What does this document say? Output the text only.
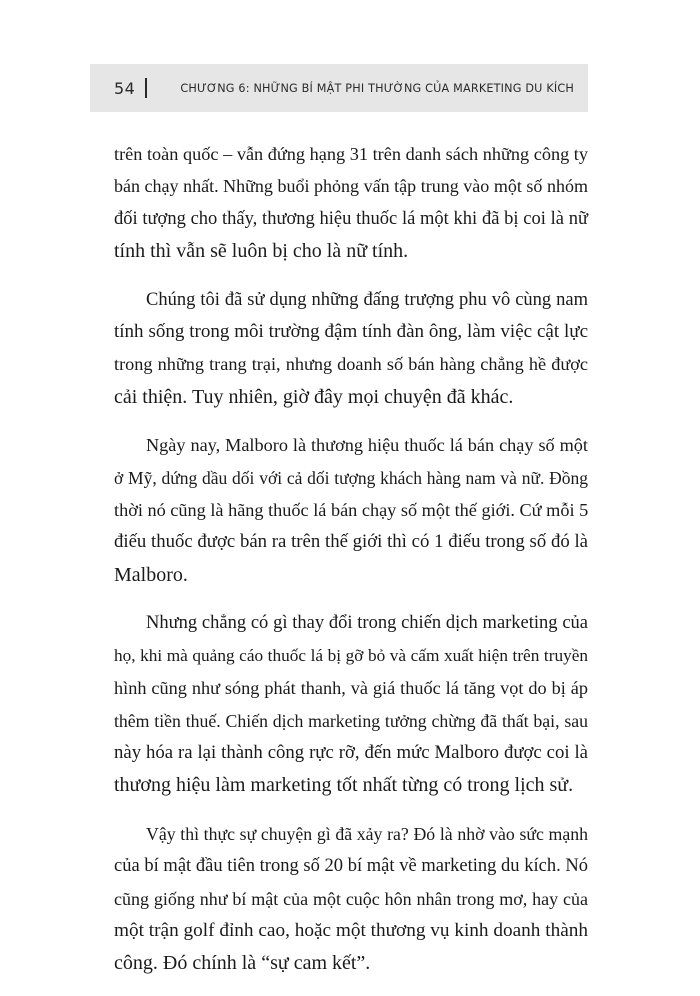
54	CHƯƠNG 6: NHỮNG BÍ MẬT PHI THƯỜNG CỦA MARKETING DU KÍCH

trên toàn quốc – vẫn đứng hạng 31 trên danh sách những công ty
bán chạy nhất. Những buổi phỏng vấn tập trung vào một số nhóm
đối tượng cho thấy, thương hiệu thuốc lá một khi đã bị coi là nữ
tính thì vẫn sẽ luôn bị cho là nữ tính.

Chúng tôi đã sử dụng những đấng trượng phu vô cùng nam
tính sống trong môi trường đậm tính đàn ông, làm việc cật lực
trong những trang trại, nhưng doanh số bán hàng chẳng hề được
cải thiện. Tuy nhiên, giờ đây mọi chuyện đã khác.

Ngày nay, Malboro là thương hiệu thuốc lá bán chạy số một
ở Mỹ, dứng dầu dối với cả dối tượng khách hàng nam và nữ. Đồng
thời nó cũng là hãng thuốc lá bán chạy số một thế giới. Cứ mỗi 5
điếu thuốc được bán ra trên thế giới thì có 1 điếu trong số đó là
Malboro.

Nhưng chẳng có gì thay đổi trong chiến dịch marketing của
họ, khi mà quảng cáo thuốc lá bị gỡ bỏ và cấm xuất hiện trên truyền
hình cũng như sóng phát thanh, và giá thuốc lá tăng vọt do bị áp
thêm tiền thuế. Chiến dịch marketing tưởng chừng đã thất bại, sau
này hóa ra lại thành công rực rỡ, đến mức Malboro được coi là
thương hiệu làm marketing tốt nhất từng có trong lịch sử.

Vậy thì thực sự chuyện gì đã xảy ra? Đó là nhờ vào sức mạnh
của bí mật đầu tiên trong số 20 bí mật về marketing du kích. Nó
cũng giống như bí mật của một cuộc hôn nhân trong mơ, hay của
một trận golf đỉnh cao, hoặc một thương vụ kinh doanh thành
công. Đó chính là “sự cam kết”.
